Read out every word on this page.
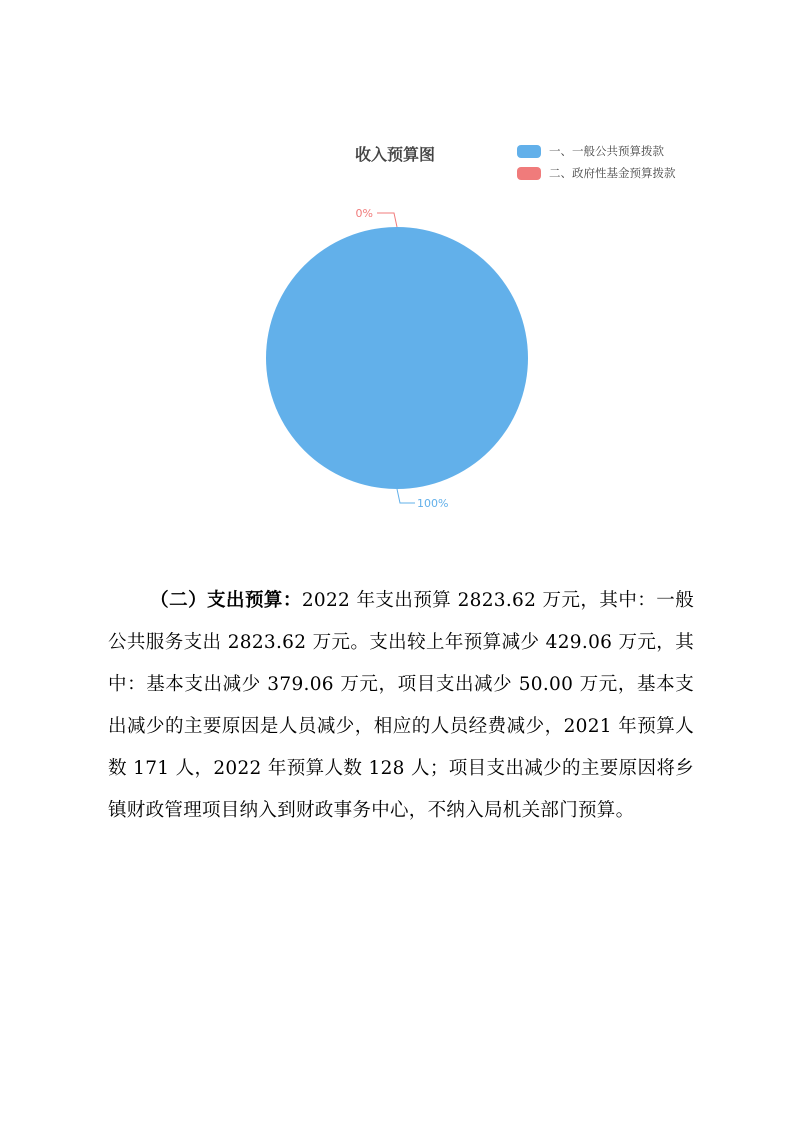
收入预算图	一、一般公共预算拨款
二、政府性基金预算拨款
0%
100%
（二）支出预算：2022 年支出预算 2823.62 万元，其中：一般公共服务支出 2823.62 万元。支出较上年预算减少 429.06 万元，其中：基本支出减少 379.06 万元，项目支出减少 50.00 万元，基本支出减少的主要原因是人员减少，相应的人员经费减少，2021 年预算人数 171 人，2022 年预算人数 128 人；项目支出减少的主要原因将乡镇财政管理项目纳入到财政事务中心，不纳入局机关部门预算。
